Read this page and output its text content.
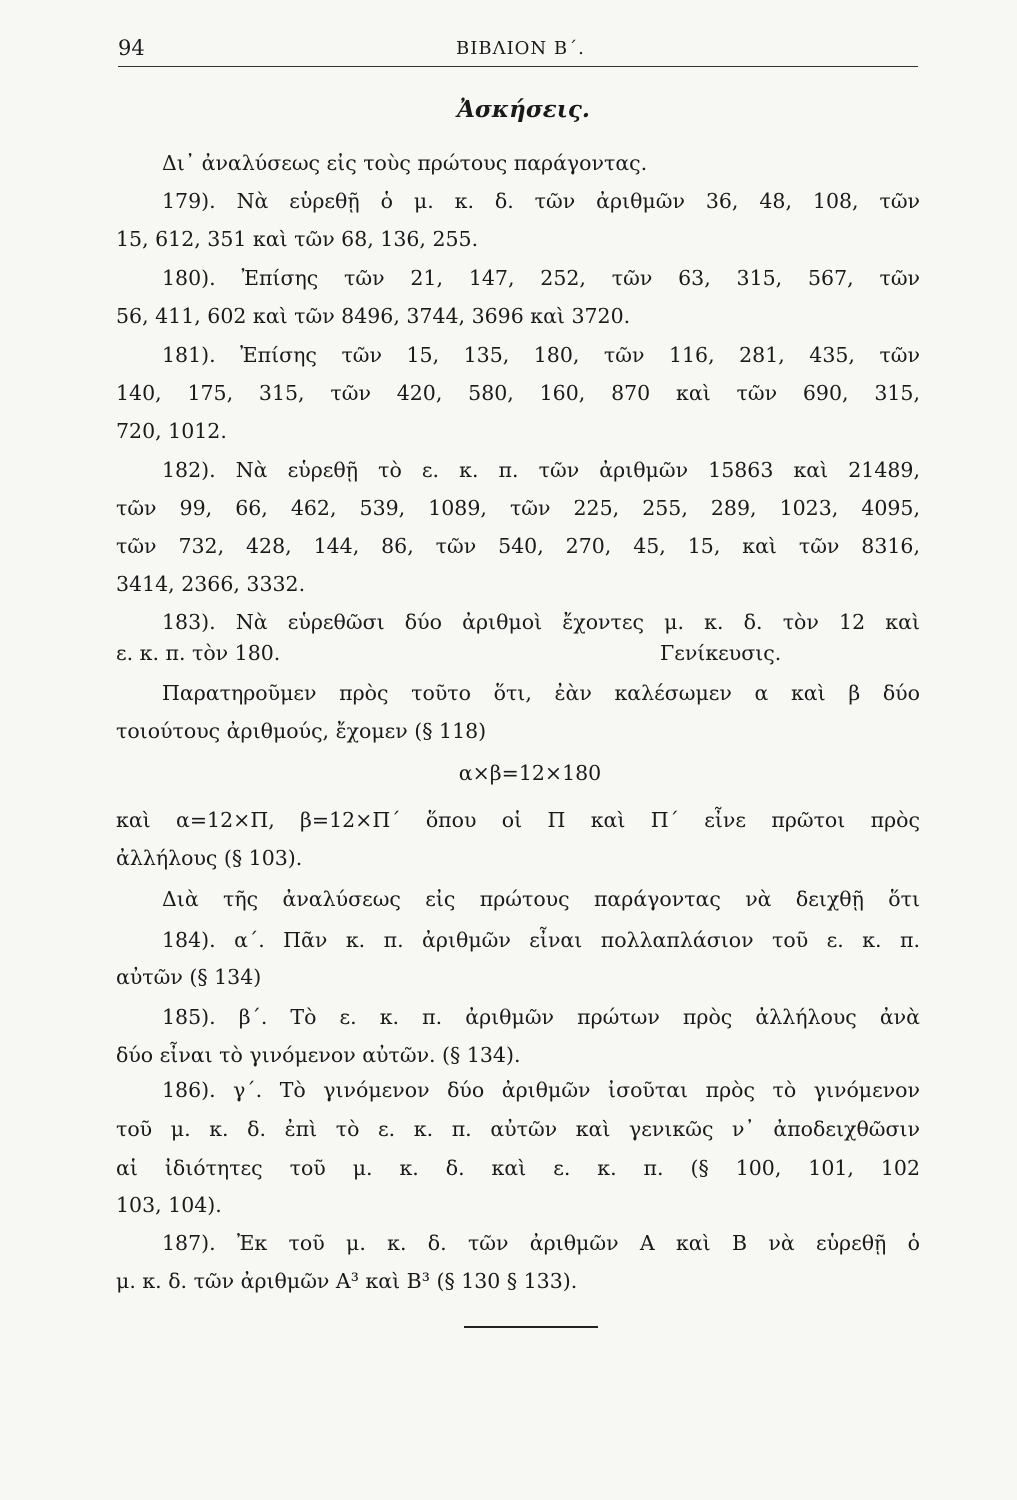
94	ΒΙΒΛΙΟΝ Β΄.
Ἀσκήσεις.
Δι᾿ ἀναλύσεως εἰς τοὺς πρώτους παράγοντας.
179). Νὰ εὑρεθῇ ὁ μ. κ. δ. τῶν ἀριθμῶν 36, 48, 108, τῶν
15, 612, 351 καὶ τῶν 68, 136, 255.
180). Ἐπίσης τῶν 21, 147, 252, τῶν 63, 315, 567, τῶν
56, 411, 602 καὶ τῶν 8496, 3744, 3696 καὶ 3720.
181). Ἐπίσης τῶν 15, 135, 180, τῶν 116, 281, 435, τῶν
140, 175, 315, τῶν 420, 580, 160, 870 καὶ τῶν 690, 315,
720, 1012.
182). Νὰ εὑρεθῇ τὸ ε. κ. π. τῶν ἀριθμῶν 15863 καὶ 21489,
τῶν 99, 66, 462, 539, 1089, τῶν 225, 255, 289, 1023, 4095,
τῶν 732, 428, 144, 86, τῶν 540, 270, 45, 15, καὶ τῶν 8316,
3414, 2366, 3332.
183). Νὰ εὑρεθῶσι δύο ἀριθμοὶ ἔχοντες μ. κ. δ. τὸν 12 καὶ
ε. κ. π. τὸν 180.	Γενίκευσις.
Παρατηροῦμεν πρὸς τοῦτο ὅτι, ἐὰν καλέσωμεν α καὶ β δύο
τοιούτους ἀριθμούς, ἔχομεν (§ 118)
α×β=12×180
καὶ α=12×Π, β=12×Π΄ ὅπου οἱ Π καὶ Π΄ εἶνε πρῶτοι πρὸς
ἀλλήλους (§ 103).
Διὰ τῆς ἀναλύσεως εἰς πρώτους παράγοντας νὰ δειχθῇ ὅτι
184). α΄. Πᾶν κ. π. ἀριθμῶν εἶναι πολλαπλάσιον τοῦ ε. κ. π.
αὐτῶν (§ 134)
185). β΄. Τὸ ε. κ. π. ἀριθμῶν πρώτων πρὸς ἀλλήλους ἀνὰ
δύο εἶναι τὸ γινόμενον αὐτῶν. (§ 134).
186). γ΄. Τὸ γινόμενον δύο ἀριθμῶν ἰσοῦται πρὸς τὸ γινόμενον
τοῦ μ. κ. δ. ἐπὶ τὸ ε. κ. π. αὐτῶν καὶ γενικῶς ν᾿ ἀποδειχθῶσιν
αἱ ἰδιότητες τοῦ μ. κ. δ. καὶ ε. κ. π. (§ 100, 101, 102
103, 104).
187). Ἐκ τοῦ μ. κ. δ. τῶν ἀριθμῶν Α καὶ Β νὰ εὑρεθῇ ὁ
μ. κ. δ. τῶν ἀριθμῶν Α³ καὶ Β³ (§ 130 § 133).
